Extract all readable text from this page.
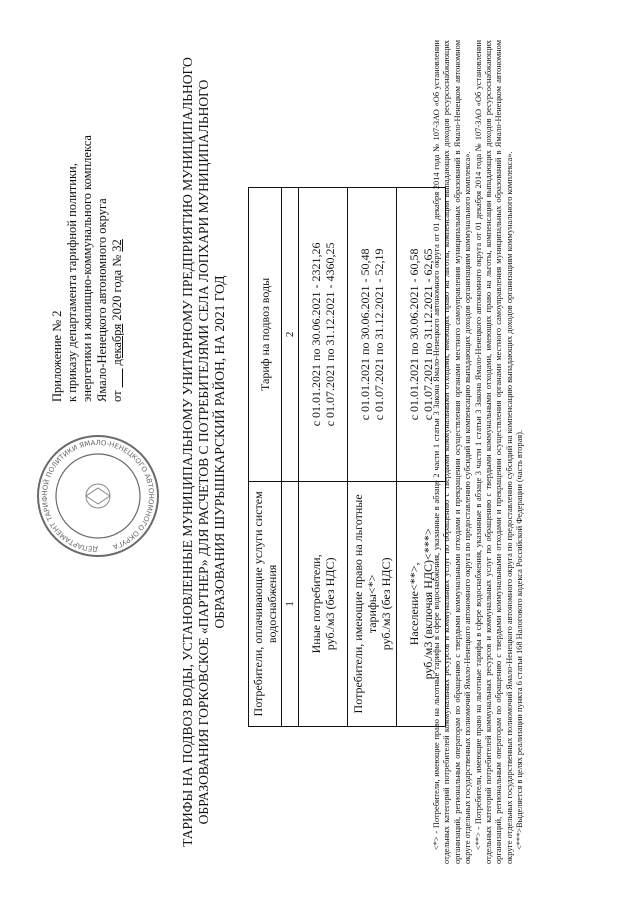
ДЕПАРТАМЕНТ ТАРИФНОЙ ПОЛИТИКИ ЯМАЛО-НЕНЕЦКОГО АВТОНОМНОГО ОКРУГА
Приложение № 2 к приказу департамента тарифной политики, энергетики и жилищно-коммунального комплекса Ямало-Ненецкого автономного округа от ___ декабря 2020 года № 32	ТАРИФЫ НА ПОДВОЗ ВОДЫ, УСТАНОВЛЕННЫЕ МУНИЦИПАЛЬНОМУ УНИТАРНОМУ ПРЕДПРИЯТИЮ МУНИЦИПАЛЬНОГО ОБРАЗОВАНИЯ ГОРКОВСКОЕ «ПАРТНЕР» ДЛЯ РАСЧЕТОВ С ПОТРЕБИТЕЛЯМИ СЕЛА ЛОПХАРИ МУНИЦИПАЛЬНОГО ОБРАЗОВАНИЯ ШУРЫШКАРСКИЙ РАЙОН, НА 2021 ГОД Потребители, оплачивающие услуги систем водоснабжения	Тариф на подвоз воды
1	2

Иные потребители, руб./м3 (без НДС)	с 01.01.2021 по 30.06.2021 - 2321,26 с 01.07.2021 по 31.12.2021 - 4360,25

Потребители, имеющие право на льготные тарифы<*> руб./м3 (без НДС)	с 01.01.2021 по 30.06.2021 - 50,48 с 01.07.2021 по 31.12.2021 - 52,19

Население<**>, руб./м3 (включая НДС)<***>	с 01.01.2021 по 30.06.2021 - 60,58 с 01.07.2021 по 31.12.2021 - 62,65

<*> - Потребители, имеющие право на льготные тарифы в сфере водоснабжения, указанные в абзаце 2 части 1 статьи 3 Закона Ямало-Ненецкого автономного округа от 01 декабря 2014 года № 107-ЗАО «Об установлении отдельных категорий потребителей коммунальных ресурсов и коммунальных услуг по обращению с твердыми коммунальными отходами, имеющих право на льготы, компенсации выпадающих доходов ресурсоснабжающих организаций, региональным операторам по обращению с твердыми коммунальными отходами и прекращении осуществления органами местного самоуправления муниципальных образований в Ямало-Ненецком автономном округе отдельных государственных полномочий Ямало-Ненецкого автономного округа по предоставлению субсидий на компенсацию выпадающих доходов организациям коммунального комплекса». <**> - Потребители, имеющие право на льготные тарифы в сфере водоснабжения, указанные в абзаце 3 части 1 статьи 3 Закона Ямало-Ненецкого автономного округа от 01 декабря 2014 года № 107-ЗАО «Об установлении отдельных категорий потребителей коммунальных ресурсов и коммунальных услуг по обращению с твердыми коммунальными отходами, имеющих право на льготы, компенсации выпадающих доходов ресурсоснабжающих организаций, региональным операторам по обращению с твердыми коммунальными отходами и прекращении осуществления органами местного самоуправления муниципальных образований в Ямало-Ненецком автономном округе отдельных государственных полномочий Ямало-Ненецкого автономного округа по предоставлению субсидий на компенсацию выпадающих доходов организациям коммунального комплекса». <***>Выделяется в целях реализации пункта 6 статьи 168 Налогового кодекса Российской Федерации (часть вторая).
